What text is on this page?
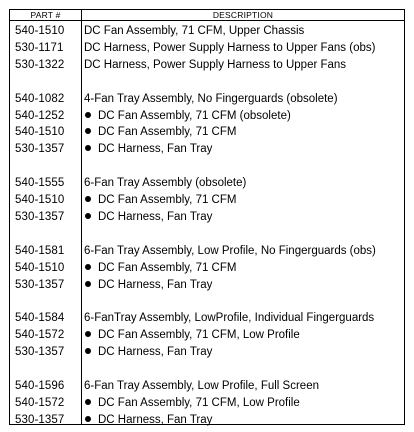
PART #	DESCRIPTION
540-1510	DC Fan Assembly, 71 CFM, Upper Chassis
530-1171	DC Harness, Power Supply Harness to Upper Fans (obs)
530-1322	DC Harness, Power Supply Harness to Upper Fans
540-1082	4-Fan Tray Assembly, No Fingerguards (obsolete)
540-1252	DC Fan Assembly, 71 CFM (obsolete)
540-1510	DC Fan Assembly, 71 CFM
530-1357	DC Harness, Fan Tray
540-1555	6-Fan Tray Assembly (obsolete)
540-1510	DC Fan Assembly, 71 CFM
530-1357	DC Harness, Fan Tray
540-1581	6-Fan Tray Assembly, Low Profile, No Fingerguards (obs)
540-1510	DC Fan Assembly, 71 CFM
530-1357	DC Harness, Fan Tray
540-1584	6-FanTray Assembly, LowProfile, Individual Fingerguards
540-1572	DC Fan Assembly, 71 CFM, Low Profile
530-1357	DC Harness, Fan Tray
540-1596	6-Fan Tray Assembly, Low Profile, Full Screen
540-1572	DC Fan Assembly, 71 CFM, Low Profile
530-1357	DC Harness, Fan Tray
